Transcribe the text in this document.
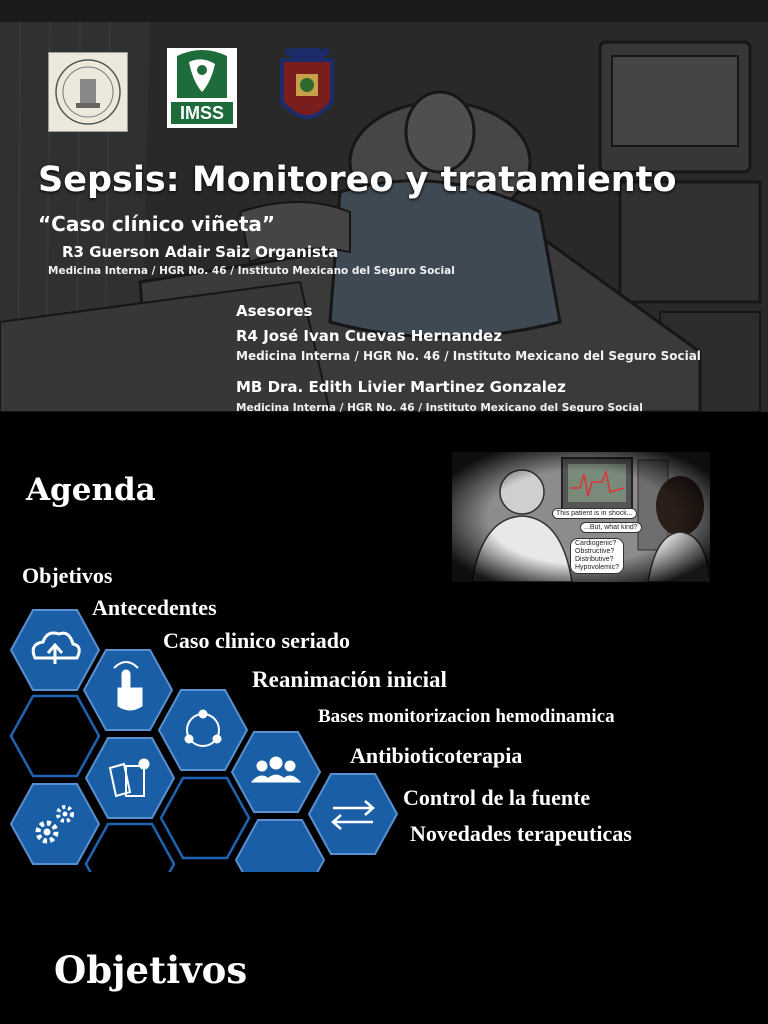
IMSS
Sepsis: Monitoreo y tratamiento
“Caso clínico viñeta”
R3 Guerson Adair Saiz Organista
Medicina Interna / HGR No. 46 / Instituto Mexicano del Seguro Social
Asesores
R4 José Ivan Cuevas Hernandez
Medicina Interna / HGR No. 46 / Instituto Mexicano del Seguro Social
MB Dra. Edith Livier Martinez Gonzalez
Medicina Interna / HGR No. 46 / Instituto Mexicano del Seguro Social
Agenda
This patient is in shock...
...But, what kind?
Cardiogenic?
Obstructive?
Distributive?
Hypovolemic?
Objetivos
Antecedentes
Caso clinico seriado
Reanimación inicial
Bases monitorizacion hemodinamica
Antibioticoterapia
Control de la fuente
Novedades terapeuticas
Objetivos
